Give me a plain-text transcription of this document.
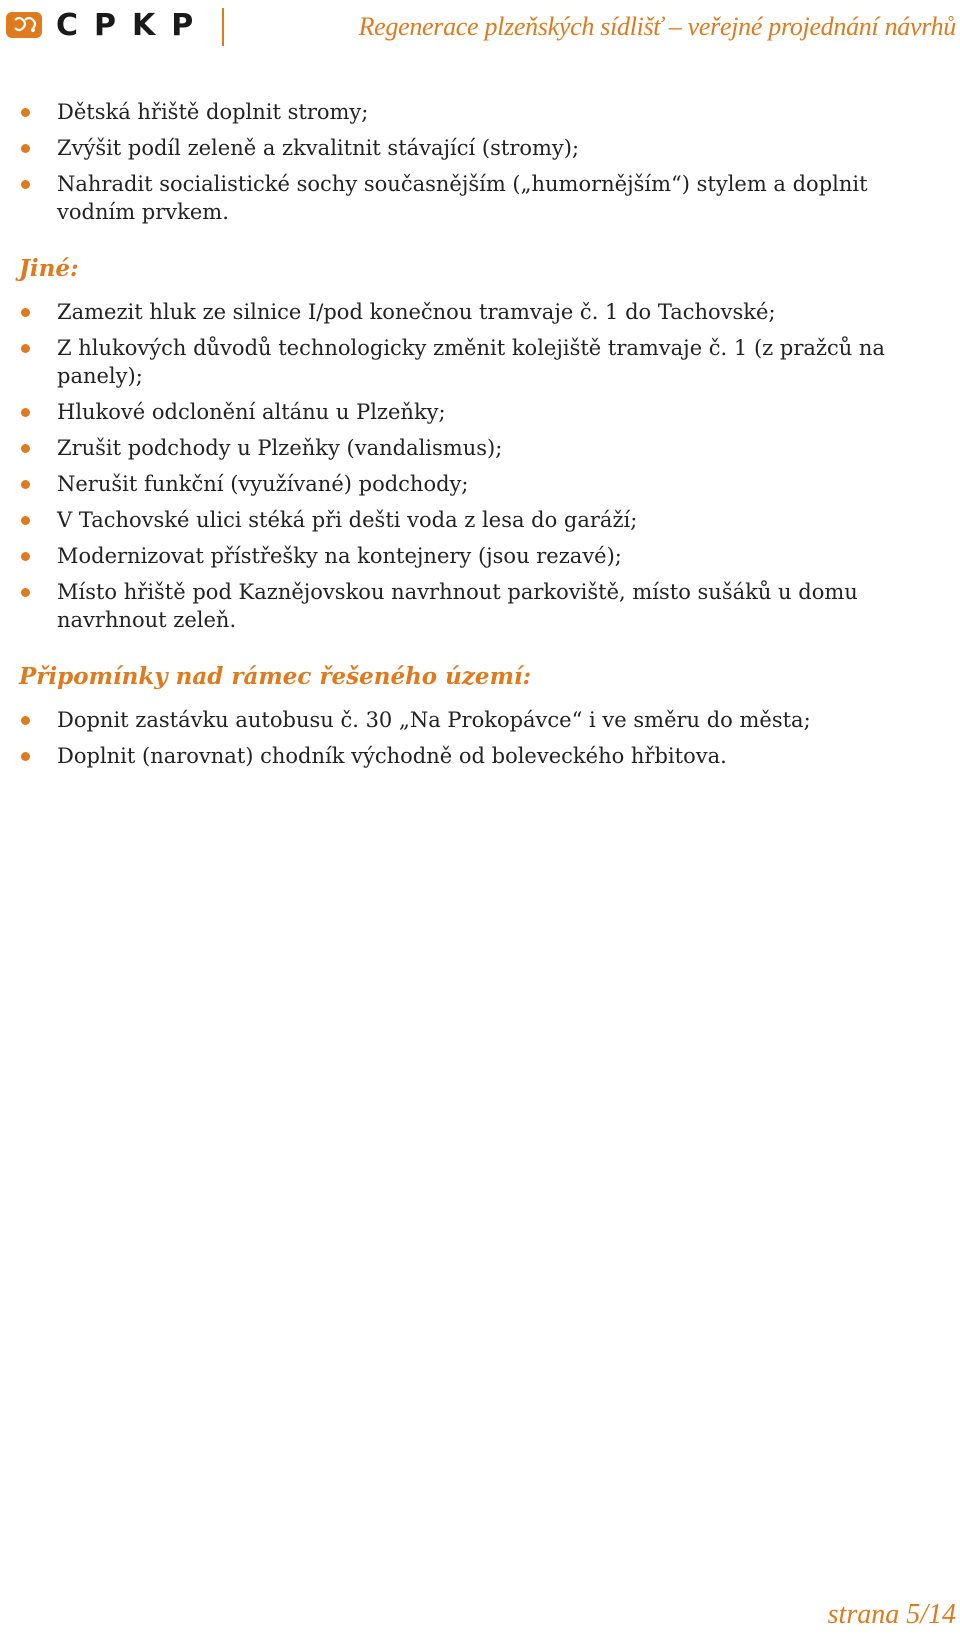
CPKP	Regenerace plzeňských sídlišť – veřejné projednání návrhů
Dětská hřiště doplnit stromy;
Zvýšit podíl zeleně a zkvalitnit stávající (stromy);
Nahradit socialistické sochy současnějším („humornějším“) stylem a doplnit vodním prvkem.
Jiné:
Zamezit hluk ze silnice I/pod konečnou tramvaje č. 1 do Tachovské;
Z hlukových důvodů technologicky změnit kolejiště tramvaje č. 1 (z pražců na panely);
Hlukové odclonění altánu u Plzeňky;
Zrušit podchody u Plzeňky (vandalismus);
Nerušit funkční (využívané) podchody;
V Tachovské ulici stéká při dešti voda z lesa do garáží;
Modernizovat přístřešky na kontejnery (jsou rezavé);
Místo hřiště pod Kaznějovskou navrhnout parkoviště, místo sušáků u domu navrhnout zeleň.
Připomínky nad rámec řešeného území:
Dopnit zastávku autobusu č. 30 „Na Prokopávce“ i ve směru do města;
Doplnit (narovnat) chodník východně od boleveckého hřbitova.
strana 5/14
